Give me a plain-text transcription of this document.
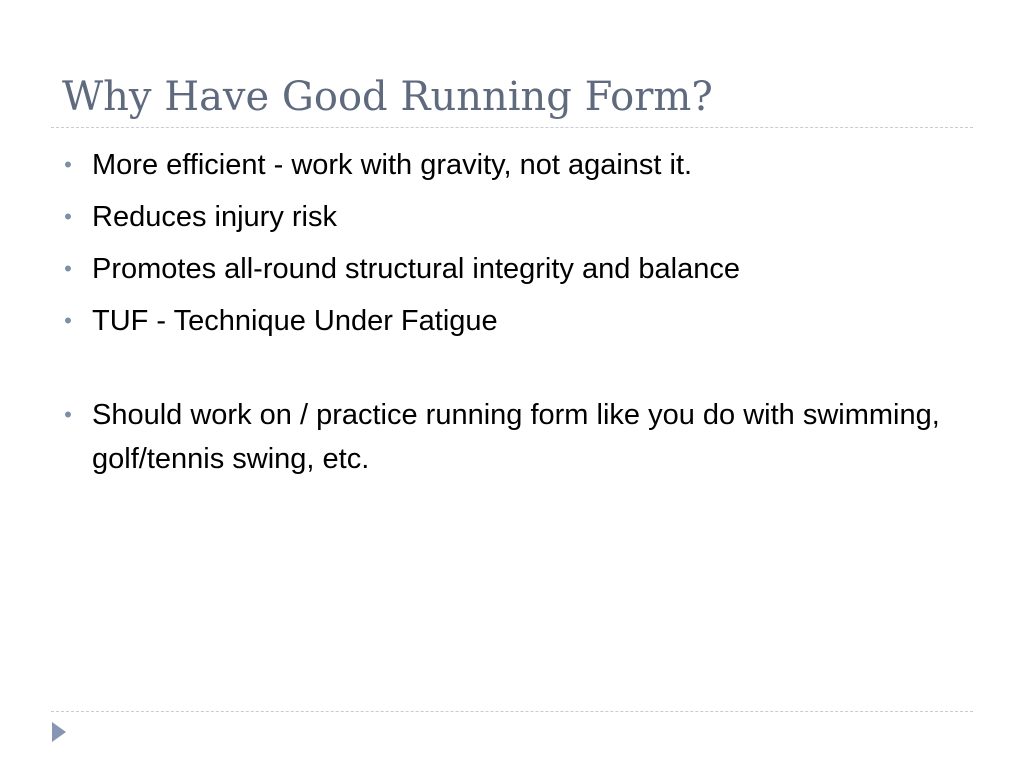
Why Have Good Running Form?
• More efficient - work with gravity, not against it.
• Reduces injury risk
• Promotes all-round structural integrity and balance
• TUF - Technique Under Fatigue
• Should work on / practice running form like you do with swimming, golf/tennis swing, etc.
